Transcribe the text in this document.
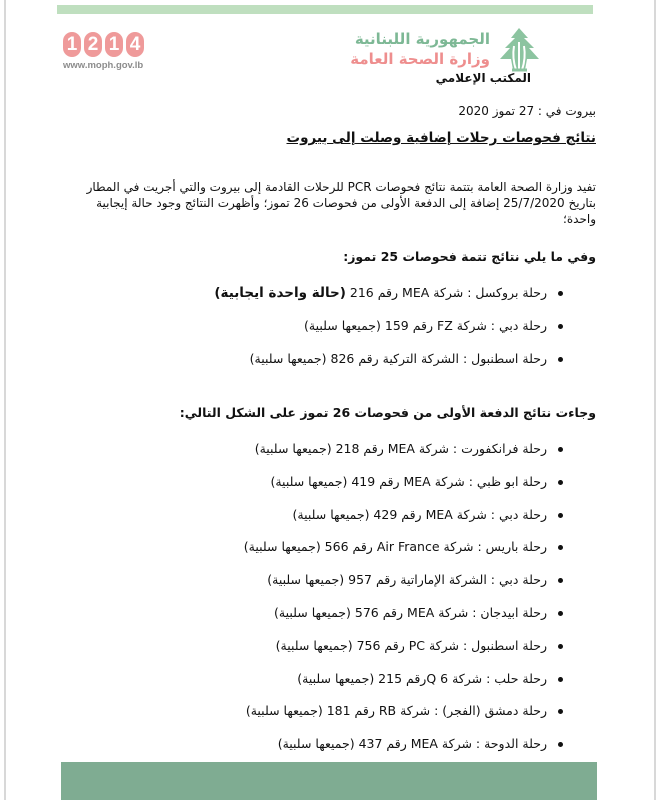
1 2 1 4
www.moph.gov.lb
الجمهورية اللبنانية
وزارة الصحة العامة
المكتب الإعلامي
بيروت في : 27 تموز 2020
نتائج فحوصات رحلات إضافية وصلت إلى بيروت
تفيد وزارة الصحة العامة بتتمة نتائج فحوصات PCR للرحلات القادمة إلى بيروت والتي أجريت في المطار بتاريخ 25/7/2020 إضافة إلى الدفعة الأولى من فحوصات 26 تموز؛ وأظهرت النتائج وجود حالة إيجابية واحدة؛
وفي ما يلي نتائج تتمة فحوصات 25 تموز:
رحلة بروكسل : شركة MEA رقم 216 (حالة واحدة ايجابية)
رحلة دبي : شركة FZ رقم 159 (جميعها سلبية)
رحلة اسطنبول : الشركة التركية رقم 826 (جميعها سلبية)
وجاءت نتائج الدفعة الأولى من فحوصات 26 تموز على الشكل التالي:
رحلة فرانكفورت : شركة MEA رقم 218 (جميعها سلبية)
رحلة ابو ظبي : شركة MEA رقم 419 (جميعها سلبية)
رحلة دبي : شركة MEA رقم 429 (جميعها سلبية)
رحلة باريس : شركة Air France رقم 566 (جميعها سلبية)
رحلة دبي : الشركة الإماراتية رقم 957 (جميعها سلبية)
رحلة ابيدجان : شركة MEA رقم 576 (جميعها سلبية)
رحلة اسطنبول : شركة PC رقم 756 (جميعها سلبية)
رحلة حلب : شركة 6 Qرقم 215 (جميعها سلبية)
رحلة دمشق (الفجر) : شركة RB رقم 181 (جميعها سلبية)
رحلة الدوحة : شركة MEA رقم 437 (جميعها سلبية)
